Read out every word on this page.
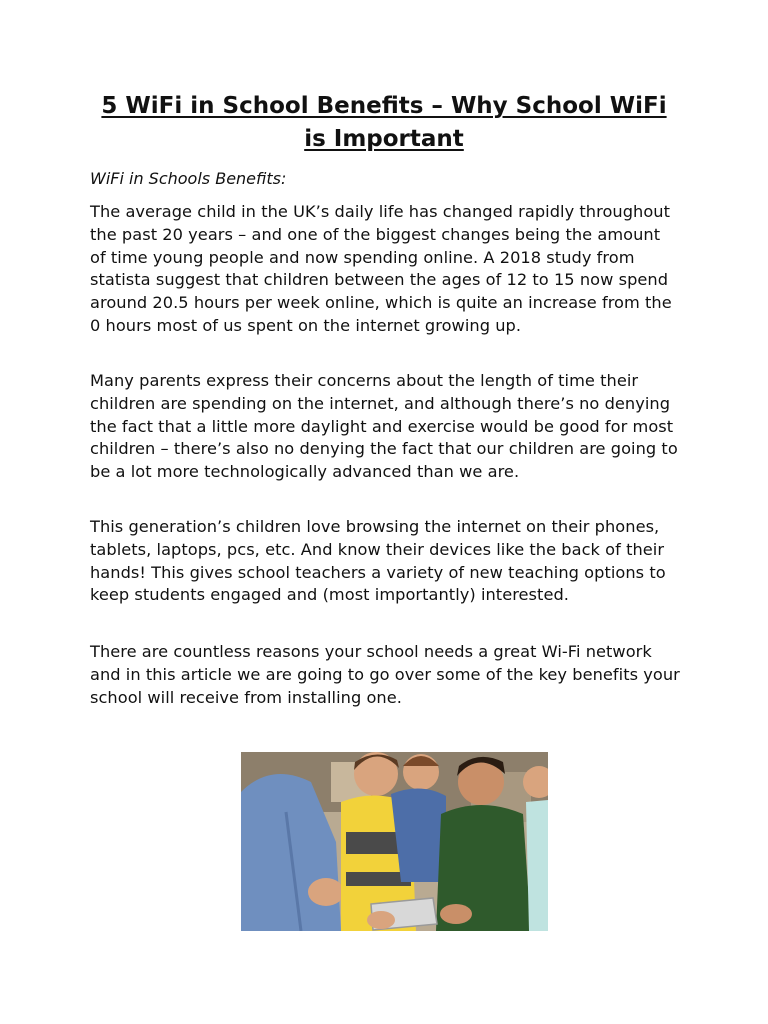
5 WiFi in School Benefits – Why School WiFi is Important

WiFi in Schools Benefits:

The average child in the UK’s daily life has changed rapidly throughout the past 20 years – and one of the biggest changes being the amount of time young people and now spending online. A 2018 study from statista suggest that children between the ages of 12 to 15 now spend around 20.5 hours per week online, which is quite an increase from the 0 hours most of us spent on the internet growing up.

Many parents express their concerns about the length of time their children are spending on the internet, and although there’s no denying the fact that a little more daylight and exercise would be good for most children – there’s also no denying the fact that our children are going to be a lot more technologically advanced than we are.

This generation’s children love browsing the internet on their phones, tablets, laptops, pcs, etc. And know their devices like the back of their hands! This gives school teachers a variety of new teaching options to keep students engaged and (most importantly) interested.

There are countless reasons your school needs a great Wi-Fi network and in this article we are going to go over some of the key benefits your school will receive from installing one.
